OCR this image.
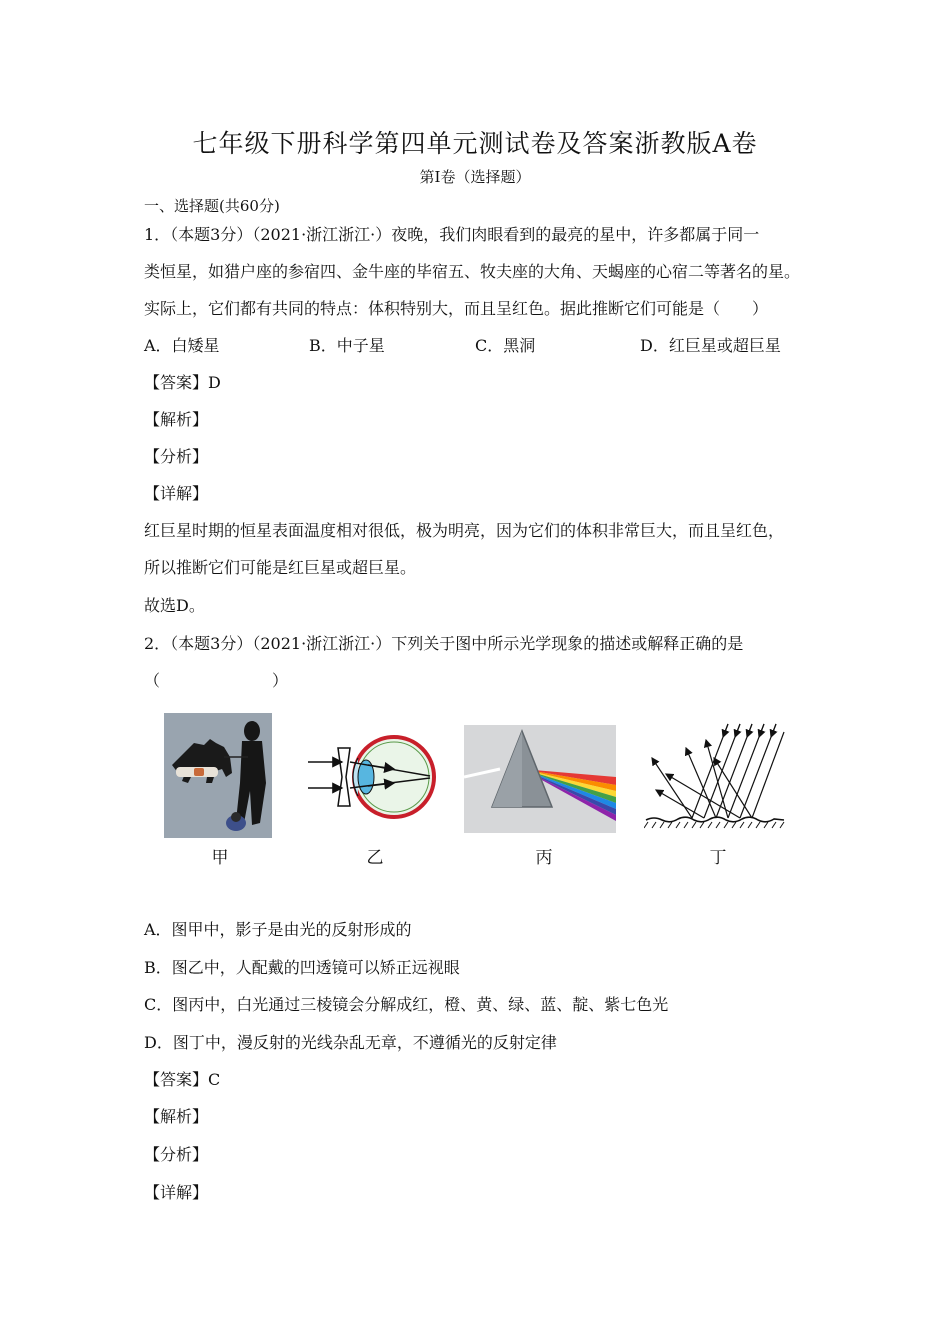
七年级下册科学第四单元测试卷及答案浙教版A卷
第I卷（选择题）
一、选择题(共60分)
1．（本题3分）（2021·浙江浙江·）夜晚，我们肉眼看到的最亮的星中，许多都属于同一
类恒星，如猎户座的参宿四、金牛座的毕宿五、牧夫座的大角、天蝎座的心宿二等著名的星。
实际上，它们都有共同的特点：体积特别大，而且呈红色。据此推断它们可能是（　　）
A．白矮星	B．中子星	C．黑洞	D．红巨星或超巨星
【答案】D
【解析】
【分析】
【详解】
红巨星时期的恒星表面温度相对很低，极为明亮，因为它们的体积非常巨大，而且呈红色，
所以推断它们可能是红巨星或超巨星。
故选D。
2．（本题3分）（2021·浙江浙江·）下列关于图中所示光学现象的描述或解释正确的是
（　　　　　　　）
甲	乙	丙	丁
A．图甲中，影子是由光的反射形成的
B．图乙中，人配戴的凹透镜可以矫正远视眼
C．图丙中，白光通过三棱镜会分解成红，橙、黄、绿、蓝、靛、紫七色光
D．图丁中，漫反射的光线杂乱无章，不遵循光的反射定律
【答案】C
【解析】
【分析】
【详解】
